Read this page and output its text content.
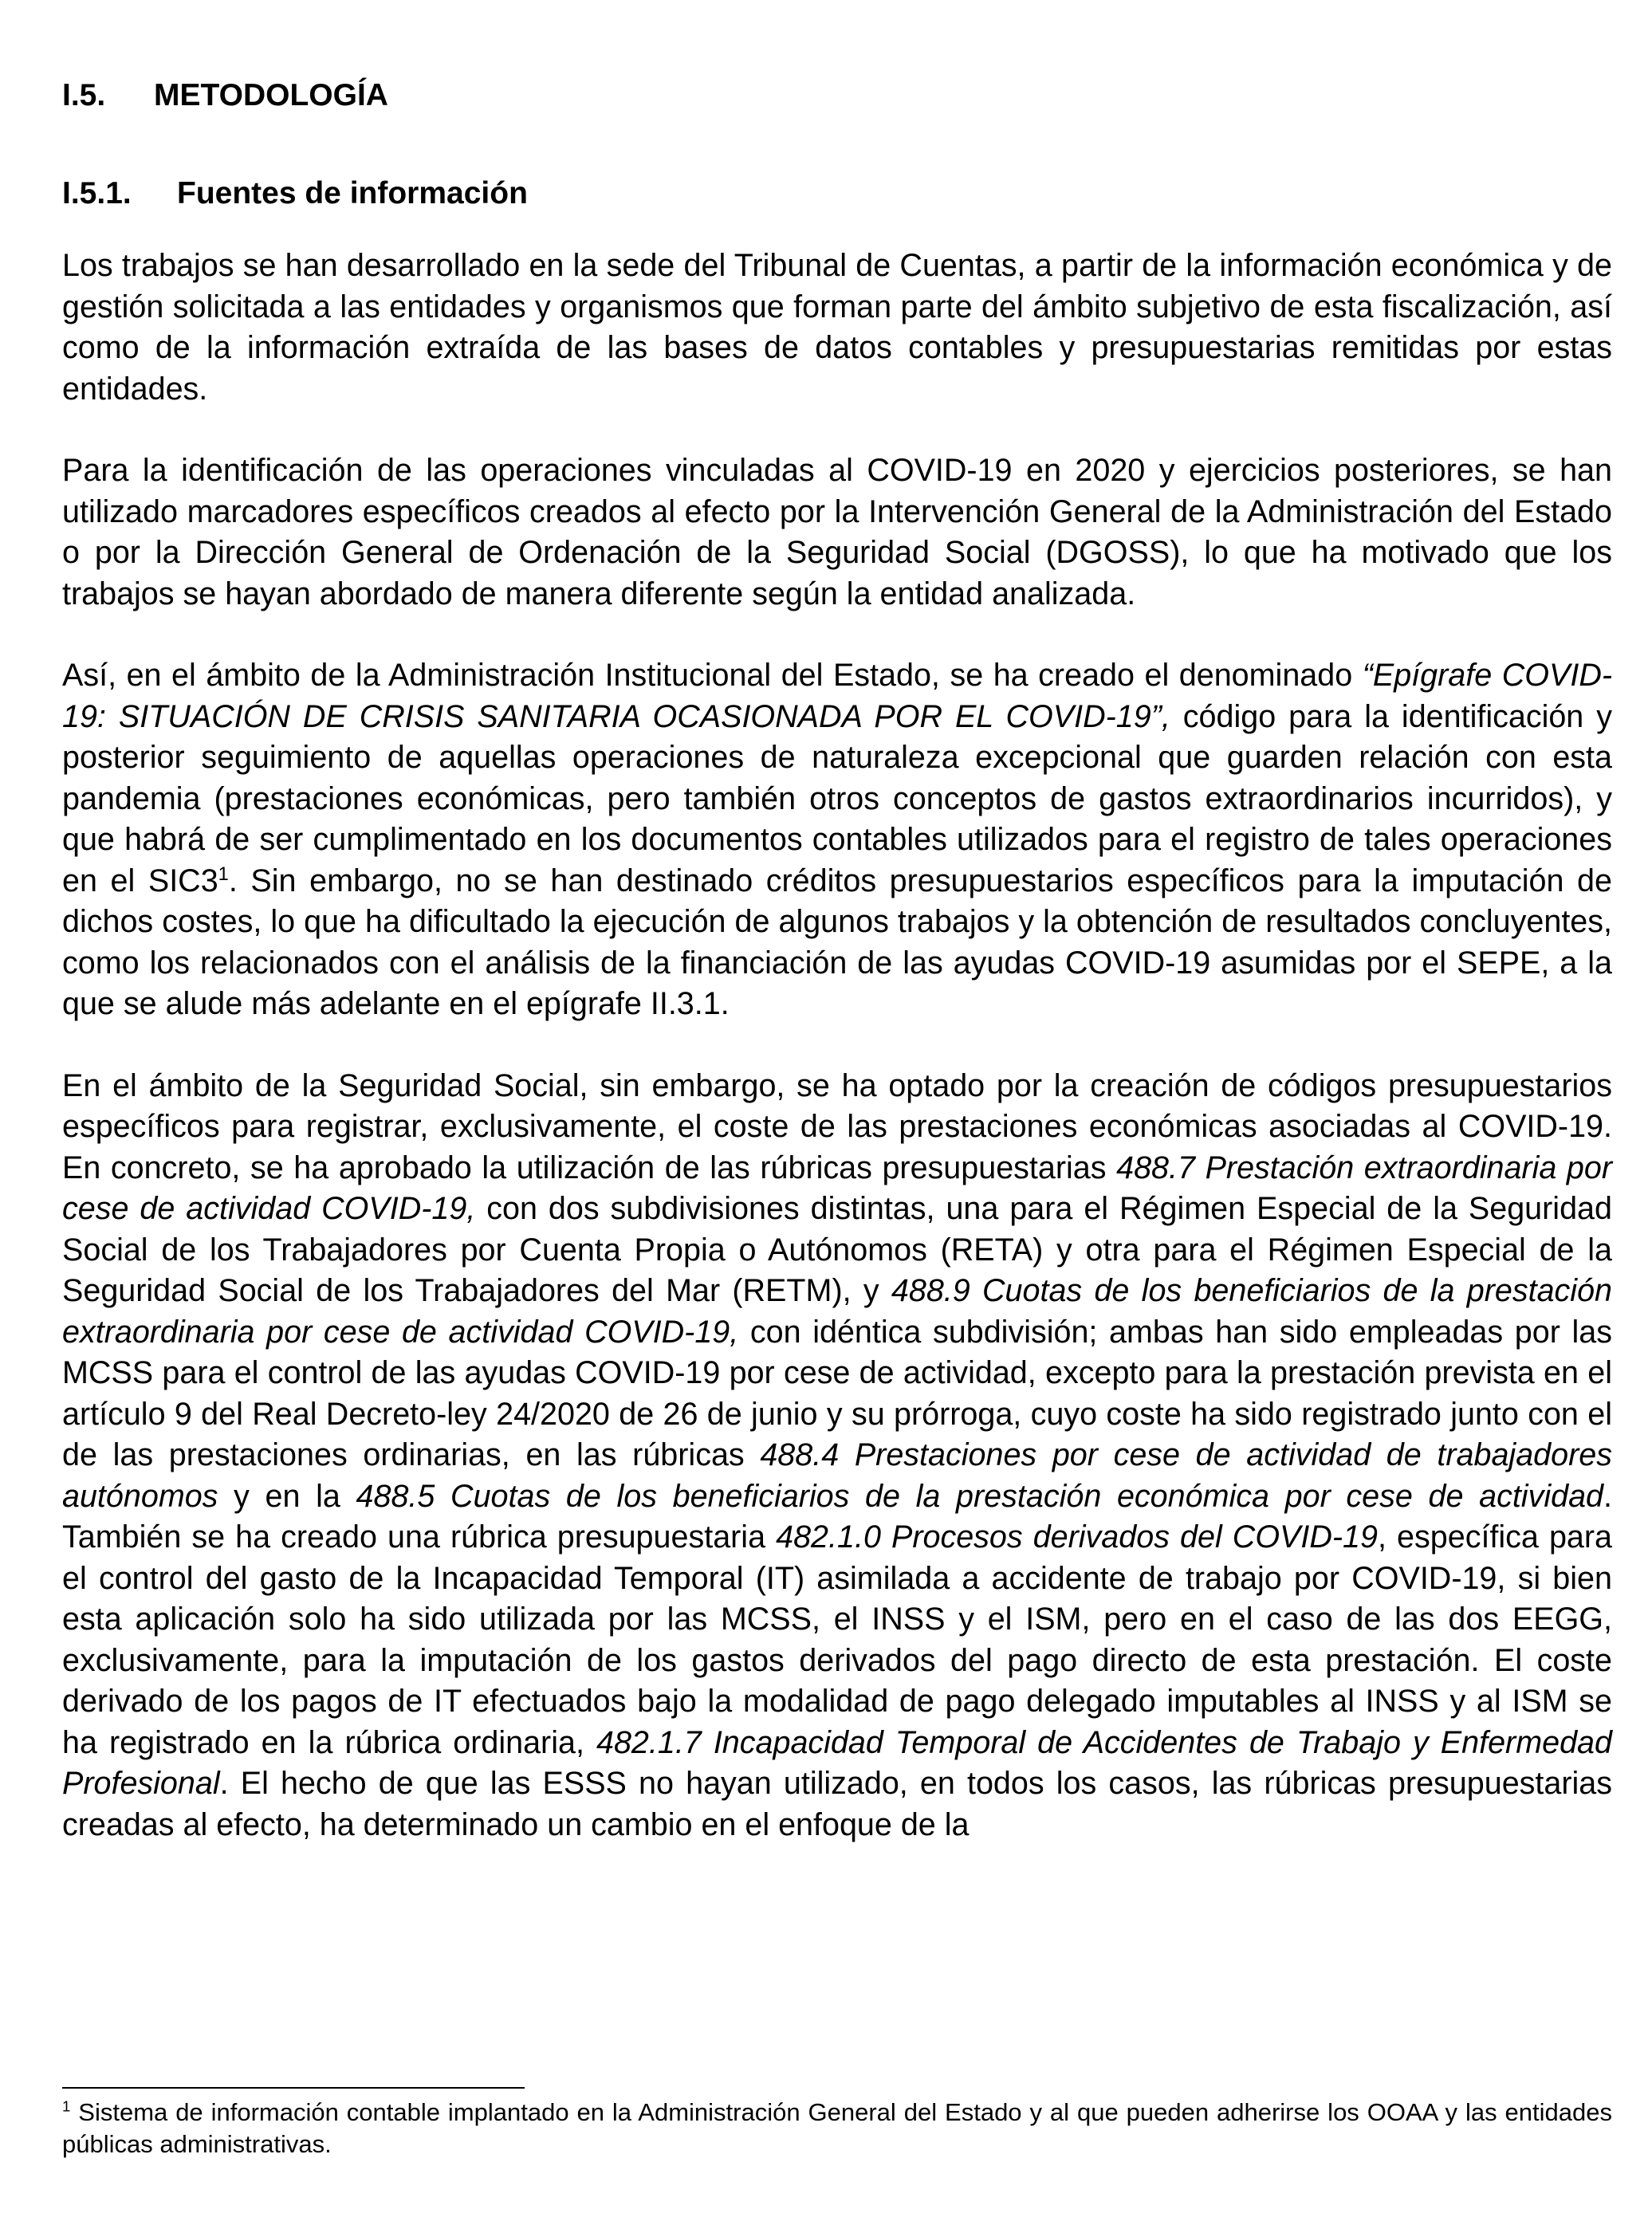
I.5.	METODOLOGÍA
I.5.1.	Fuentes de información

Los trabajos se han desarrollado en la sede del Tribunal de Cuentas, a partir de la información económica y de gestión solicitada a las entidades y organismos que forman parte del ámbito subjetivo de esta fiscalización, así como de la información extraída de las bases de datos contables y presupuestarias remitidas por estas entidades.

Para la identificación de las operaciones vinculadas al COVID-19 en 2020 y ejercicios posteriores, se han utilizado marcadores específicos creados al efecto por la Intervención General de la Administración del Estado o por la Dirección General de Ordenación de la Seguridad Social (DGOSS), lo que ha motivado que los trabajos se hayan abordado de manera diferente según la entidad analizada.

Así, en el ámbito de la Administración Institucional del Estado, se ha creado el denominado “Epígrafe COVID-19: SITUACIÓN DE CRISIS SANITARIA OCASIONADA POR EL COVID-19”, código para la identificación y posterior seguimiento de aquellas operaciones de naturaleza excepcional que guarden relación con esta pandemia (prestaciones económicas, pero también otros conceptos de gastos extraordinarios incurridos), y que habrá de ser cumplimentado en los documentos contables utilizados para el registro de tales operaciones en el $SIC3^1$. Sin embargo, no se han destinado créditos presupuestarios específicos para la imputación de dichos costes, lo que ha dificultado la ejecución de algunos trabajos y la obtención de resultados concluyentes, como los relacionados con el análisis de la financiación de las ayudas COVID-19 asumidas por el SEPE, a la que se alude más adelante en el epígrafe II.3.1.

En el ámbito de la Seguridad Social, sin embargo, se ha optado por la creación de códigos presupuestarios específicos para registrar, exclusivamente, el coste de las prestaciones económicas asociadas al COVID-19. En concreto, se ha aprobado la utilización de las rúbricas presupuestarias 488.7 Prestación extraordinaria por cese de actividad COVID-19, con dos subdivisiones distintas, una para el Régimen Especial de la Seguridad Social de los Trabajadores por Cuenta Propia o Autónomos (RETA) y otra para el Régimen Especial de la Seguridad Social de los Trabajadores del Mar (RETM), y 488.9 Cuotas de los beneficiarios de la prestación extraordinaria por cese de actividad COVID-19, con idéntica subdivisión; ambas han sido empleadas por las MCSS para el control de las ayudas COVID-19 por cese de actividad, excepto para la prestación prevista en el artículo 9 del Real Decreto-ley 24/2020 de 26 de junio y su prórroga, cuyo coste ha sido registrado junto con el de las prestaciones ordinarias, en las rúbricas 488.4 Prestaciones por cese de actividad de trabajadores autónomos y en la 488.5 Cuotas de los beneficiarios de la prestación económica por cese de actividad. También se ha creado una rúbrica presupuestaria 482.1.0 Procesos derivados del COVID-19, específica para el control del gasto de la Incapacidad Temporal (IT) asimilada a accidente de trabajo por COVID-19, si bien esta aplicación solo ha sido utilizada por las MCSS, el INSS y el ISM, pero en el caso de las dos EEGG, exclusivamente, para la imputación de los gastos derivados del pago directo de esta prestación. El coste derivado de los pagos de IT efectuados bajo la modalidad de pago delegado imputables al INSS y al ISM se ha registrado en la rúbrica ordinaria, 482.1.7 Incapacidad Temporal de Accidentes de Trabajo y Enfermedad Profesional. El hecho de que las ESSS no hayan utilizado, en todos los casos, las rúbricas presupuestarias creadas al efecto, ha determinado un cambio en el enfoque de la

$^1$ Sistema de información contable implantado en la Administración General del Estado y al que pueden adherirse los OOAA y las entidades públicas administrativas.
